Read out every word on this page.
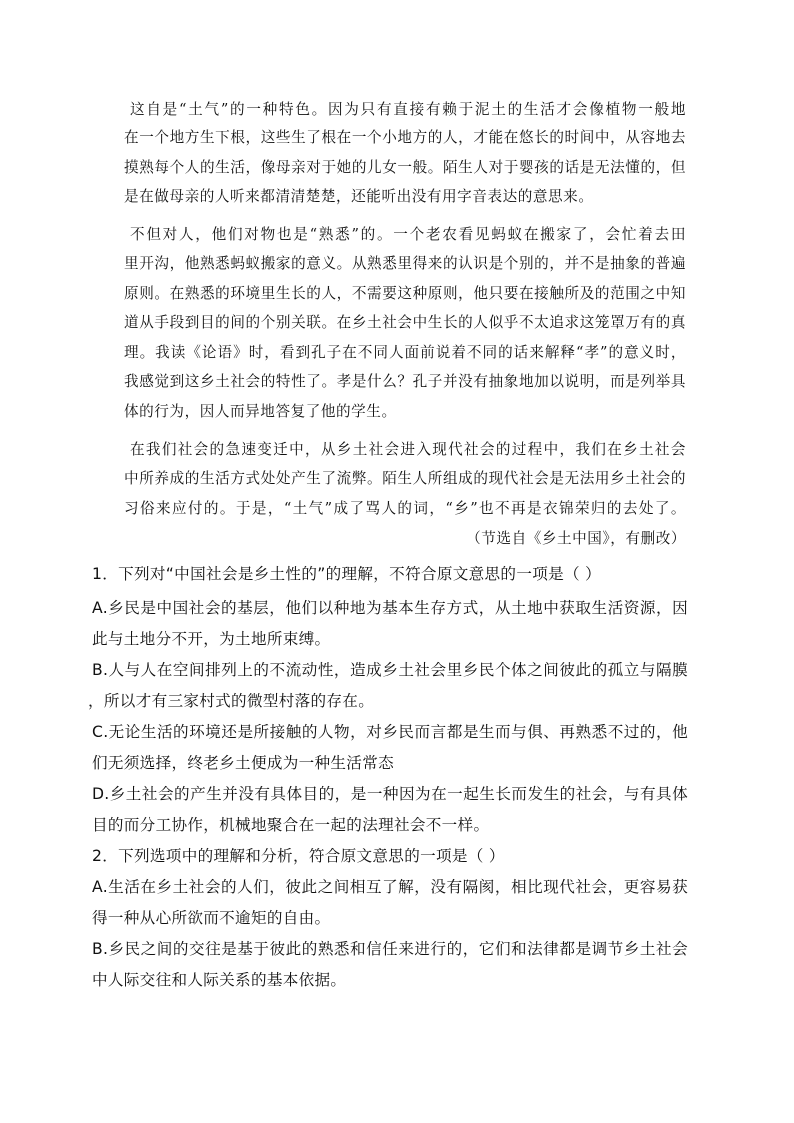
这自是“土气”的一种特色。因为只有直接有赖于泥土的生活才会像植物一般地

在一个地方生下根，这些生了根在一个小地方的人，才能在悠长的时间中，从容地去

摸熟每个人的生活，像母亲对于她的儿女一般。陌生人对于婴孩的话是无法懂的，但

是在做母亲的人听来都清清楚楚，还能听出没有用字音表达的意思来。

不但对人，他们对物也是“熟悉”的。一个老农看见蚂蚁在搬家了，会忙着去田

里开沟，他熟悉蚂蚁搬家的意义。从熟悉里得来的认识是个别的，并不是抽象的普遍

原则。在熟悉的环境里生长的人，不需要这种原则，他只要在接触所及的范围之中知

道从手段到目的间的个别关联。在乡土社会中生长的人似乎不太追求这笼罩万有的真

理。我读《论语》时，看到孔子在不同人面前说着不同的话来解释“孝”的意义时，

我感觉到这乡土社会的特性了。孝是什么？孔子并没有抽象地加以说明，而是列举具

体的行为，因人而异地答复了他的学生。

在我们社会的急速变迁中，从乡土社会进入现代社会的过程中，我们在乡土社会

中所养成的生活方式处处产生了流弊。陌生人所组成的现代社会是无法用乡土社会的

习俗来应付的。于是，“土气”成了骂人的词，“乡”也不再是衣锦荣归的去处了。

（节选自《乡土中国》，有删改）

1．下列对“中国社会是乡土性的”的理解，不符合原文意思的一项是（ ）

A.乡民是中国社会的基层，他们以种地为基本生存方式，从土地中获取生活资源，因

此与土地分不开，为土地所束缚。

B.人与人在空间排列上的不流动性，造成乡土社会里乡民个体之间彼此的孤立与隔膜

，所以才有三家村式的微型村落的存在。

C.无论生活的环境还是所接触的人物，对乡民而言都是生而与俱、再熟悉不过的，他

们无须选择，终老乡土便成为一种生活常态

D.乡土社会的产生并没有具体目的，是一种因为在一起生长而发生的社会，与有具体

目的而分工协作，机械地聚合在一起的法理社会不一样。

2．下列选项中的理解和分析，符合原文意思的一项是（ ）

A.生活在乡土社会的人们，彼此之间相互了解，没有隔阂，相比现代社会，更容易获

得一种从心所欲而不逾矩的自由。

B.乡民之间的交往是基于彼此的熟悉和信任来进行的，它们和法律都是调节乡土社会

中人际交往和人际关系的基本依据。
